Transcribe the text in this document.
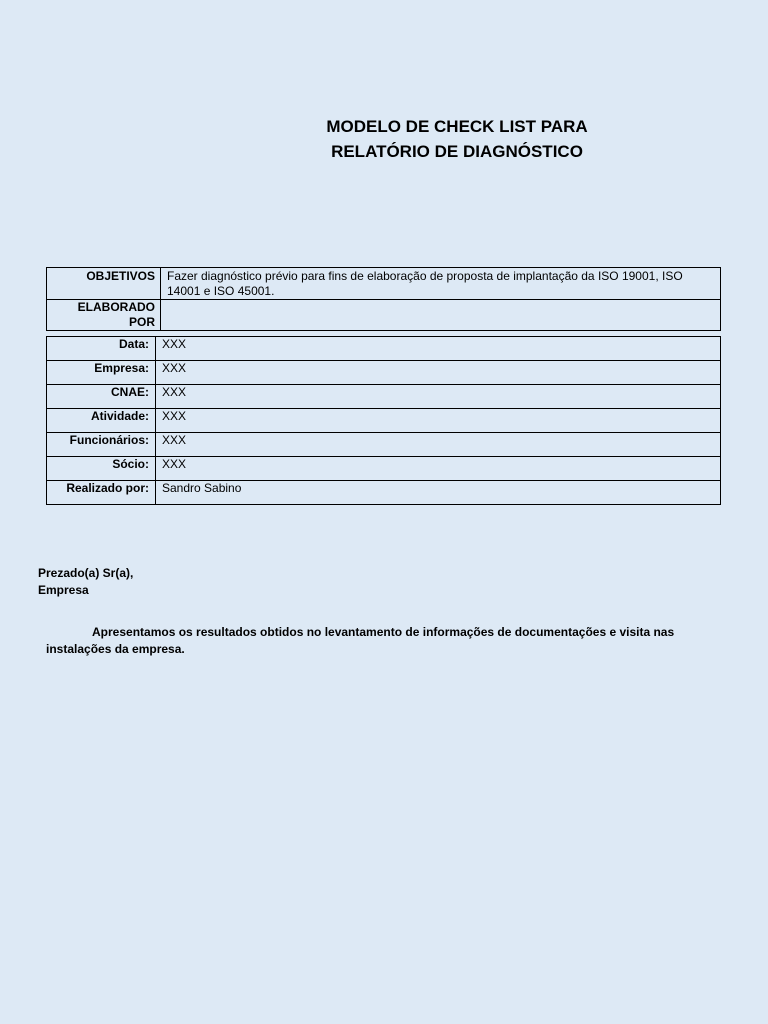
MODELO DE CHECK LIST PARA
RELATÓRIO DE DIAGNÓSTICO
OBJETIVOS	Fazer diagnóstico prévio para fins de elaboração de proposta de implantação da ISO 19001, ISO 14001 e ISO 45001.
ELABORADO POR	
Data:	XXX
Empresa:	XXX
CNAE:	XXX
Atividade:	XXX
Funcionários:	XXX
Sócio:	XXX
Realizado por:	Sandro Sabino
Prezado(a) Sr(a),
Empresa
Apresentamos os resultados obtidos no levantamento de informações de documentações e visita nas instalações da empresa.
